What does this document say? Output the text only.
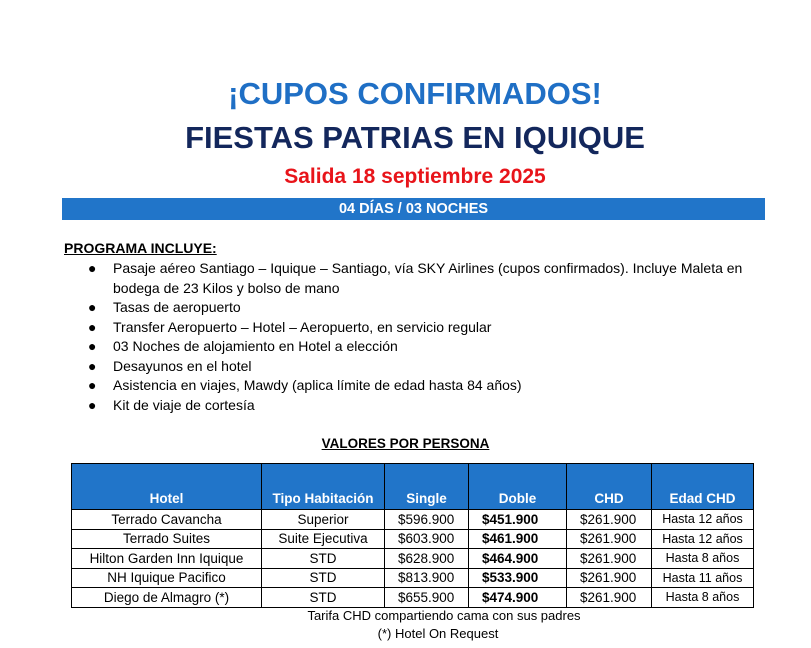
¡CUPOS CONFIRMADOS!
FIESTAS PATRIAS EN IQUIQUE
Salida 18 septiembre 2025
04 DÍAS / 03 NOCHES
PROGRAMA INCLUYE:
● Pasaje aéreo Santiago – Iquique – Santiago, vía SKY Airlines (cupos confirmados). Incluye Maleta en bodega de 23 Kilos y bolso de mano
● Tasas de aeropuerto
● Transfer Aeropuerto – Hotel – Aeropuerto, en servicio regular
● 03 Noches de alojamiento en Hotel a elección
● Desayunos en el hotel
● Asistencia en viajes, Mawdy (aplica límite de edad hasta 84 años)
● Kit de viaje de cortesía
VALORES POR PERSONA
Hotel	Tipo Habitación	Single	Doble	CHD	Edad CHD
Terrado Cavancha	Superior	$596.900	$451.900	$261.900	Hasta 12 años
Terrado Suites	Suite Ejecutiva	$603.900	$461.900	$261.900	Hasta 12 años
Hilton Garden Inn Iquique	STD	$628.900	$464.900	$261.900	Hasta 8 años
NH Iquique Pacifico	STD	$813.900	$533.900	$261.900	Hasta 11 años
Diego de Almagro (*)	STD	$655.900	$474.900	$261.900	Hasta 8 años
Tarifa CHD compartiendo cama con sus padres
(*) Hotel On Request
